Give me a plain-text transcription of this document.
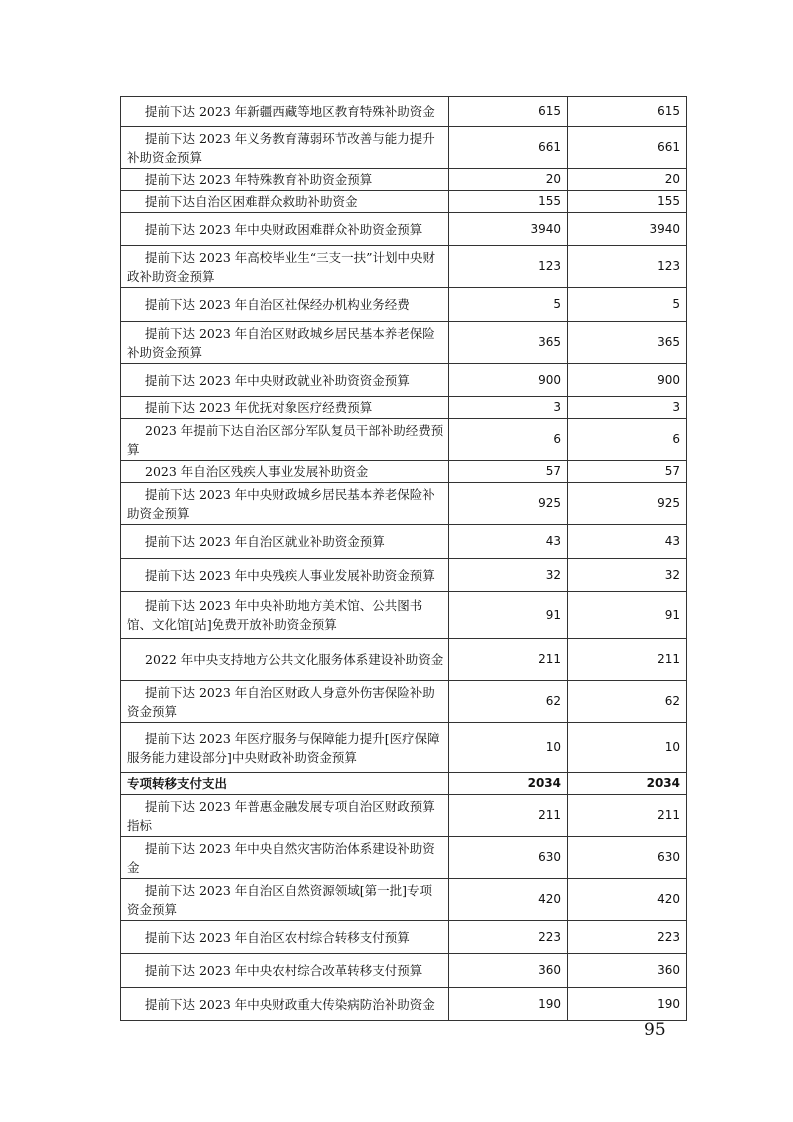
提前下达 2023 年新疆西藏等地区教育特殊补助资金	615	615
提前下达 2023 年义务教育薄弱环节改善与能力提升补助资金预算	661	661
提前下达 2023 年特殊教育补助资金预算	20	20
提前下达自治区困难群众救助补助资金	155	155
提前下达 2023 年中央财政困难群众补助资金预算	3940	3940
提前下达 2023 年高校毕业生“三支一扶”计划中央财政补助资金预算	123	123
提前下达 2023 年自治区社保经办机构业务经费	5	5
提前下达 2023 年自治区财政城乡居民基本养老保险补助资金预算	365	365
提前下达 2023 年中央财政就业补助资资金预算	900	900
提前下达 2023 年优抚对象医疗经费预算	3	3
2023 年提前下达自治区部分军队复员干部补助经费预算	6	6
2023 年自治区残疾人事业发展补助资金	57	57
提前下达 2023 年中央财政城乡居民基本养老保险补助资金预算	925	925
提前下达 2023 年自治区就业补助资金预算	43	43
提前下达 2023 年中央残疾人事业发展补助资金预算	32	32
提前下达 2023 年中央补助地方美术馆、公共图书馆、文化馆[站]免费开放补助资金预算	91	91
2022 年中央支持地方公共文化服务体系建设补助资金	211	211
提前下达 2023 年自治区财政人身意外伤害保险补助资金预算	62	62
提前下达 2023 年医疗服务与保障能力提升[医疗保障服务能力建设部分]中央财政补助资金预算	10	10
专项转移支付支出	2034	2034
提前下达 2023 年普惠金融发展专项自治区财政预算指标	211	211
提前下达 2023 年中央自然灾害防治体系建设补助资金	630	630
提前下达 2023 年自治区自然资源领域[第一批]专项资金预算	420	420
提前下达 2023 年自治区农村综合转移支付预算	223	223
提前下达 2023 年中央农村综合改革转移支付预算	360	360
提前下达 2023 年中央财政重大传染病防治补助资金	190	190
95
